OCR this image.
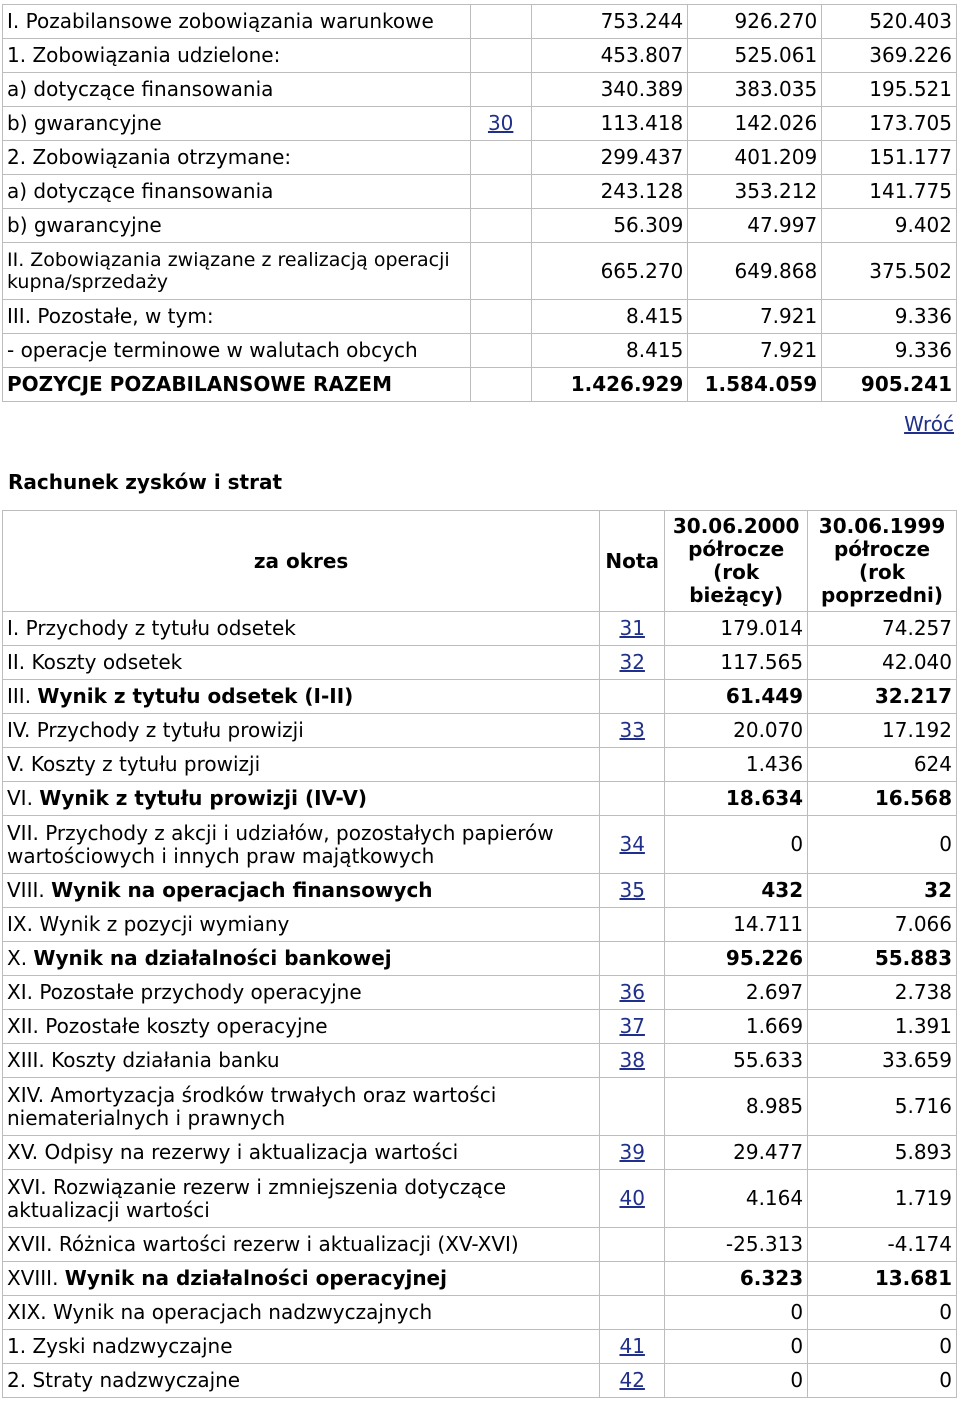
I. Pozabilansowe zobowiązania warunkowe		753.244	926.270	520.403
1. Zobowiązania udzielone:		453.807	525.061	369.226
a) dotyczące finansowania		340.389	383.035	195.521
b) gwarancyjne	30	113.418	142.026	173.705
2. Zobowiązania otrzymane:		299.437	401.209	151.177
a) dotyczące finansowania		243.128	353.212	141.775
b) gwarancyjne		56.309	47.997	9.402
II. Zobowiązania związane z realizacją operacji kupna/sprzedaży		665.270	649.868	375.502
III. Pozostałe, w tym:		8.415	7.921	9.336
- operacje terminowe w walutach obcych		8.415	7.921	9.336
POZYCJE POZABILANSOWE RAZEM		1.426.929	1.584.059	905.241
Wróć
Rachunek zysków i strat
za okres	Nota	30.06.2000 półrocze (rok bieżący)	30.06.1999 półrocze (rok poprzedni)
I. Przychody z tytułu odsetek	31	179.014	74.257
II. Koszty odsetek	32	117.565	42.040
III. Wynik z tytułu odsetek (I-II)		61.449	32.217
IV. Przychody z tytułu prowizji	33	20.070	17.192
V. Koszty z tytułu prowizji		1.436	624
VI. Wynik z tytułu prowizji (IV-V)		18.634	16.568
VII. Przychody z akcji i udziałów, pozostałych papierów wartościowych i innych praw majątkowych	34	0	0
VIII. Wynik na operacjach finansowych	35	432	32
IX. Wynik z pozycji wymiany		14.711	7.066
X. Wynik na działalności bankowej		95.226	55.883
XI. Pozostałe przychody operacyjne	36	2.697	2.738
XII. Pozostałe koszty operacyjne	37	1.669	1.391
XIII. Koszty działania banku	38	55.633	33.659
XIV. Amortyzacja środków trwałych oraz wartości niematerialnych i prawnych		8.985	5.716
XV. Odpisy na rezerwy i aktualizacja wartości	39	29.477	5.893
XVI. Rozwiązanie rezerw i zmniejszenia dotyczące aktualizacji wartości	40	4.164	1.719
XVII. Różnica wartości rezerw i aktualizacji (XV-XVI)		-25.313	-4.174
XVIII. Wynik na działalności operacyjnej		6.323	13.681
XIX. Wynik na operacjach nadzwyczajnych		0	0
1. Zyski nadzwyczajne	41	0	0
2. Straty nadzwyczajne	42	0	0
